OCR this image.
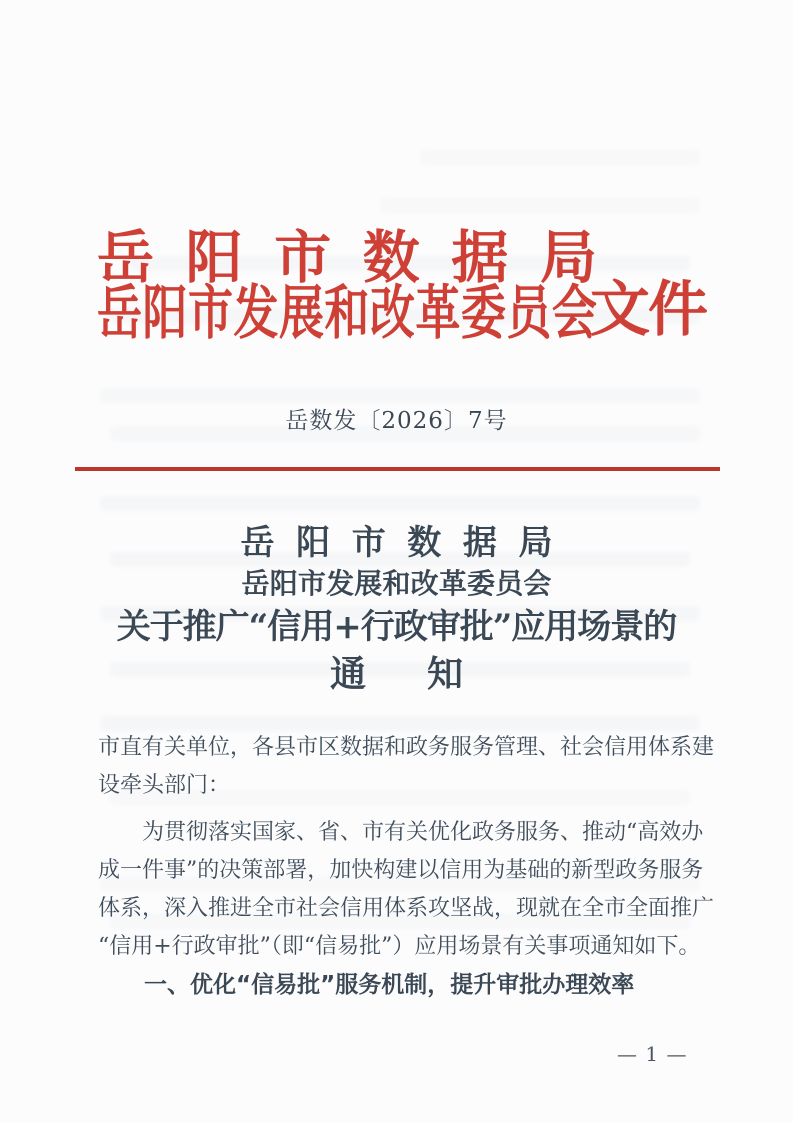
岳 阳 市 数 据 局
岳 阳 市 发 展 和 改 革 委 员 会
文件
岳数发〔2026〕7号
岳 阳 市 数 据 局
岳 阳 市 发 展 和 改 革 委 员 会
关于推广“信用+行政审批”应用场景的
通 知
市直有关单位，各县市区数据和政务服务管理、社会信用体系建
设牵头部门：
为贯彻落实国家、省、市有关优化政务服务、推动“高效办
成一件事”的决策部署，加快构建以信用为基础的新型政务服务
体系，深入推进全市社会信用体系攻坚战，现就在全市全面推广
“信用+行政审批”（即“信易批”）应用场景有关事项通知如下。
一、优化“信易批”服务机制，提升审批办理效率
— 1 —
